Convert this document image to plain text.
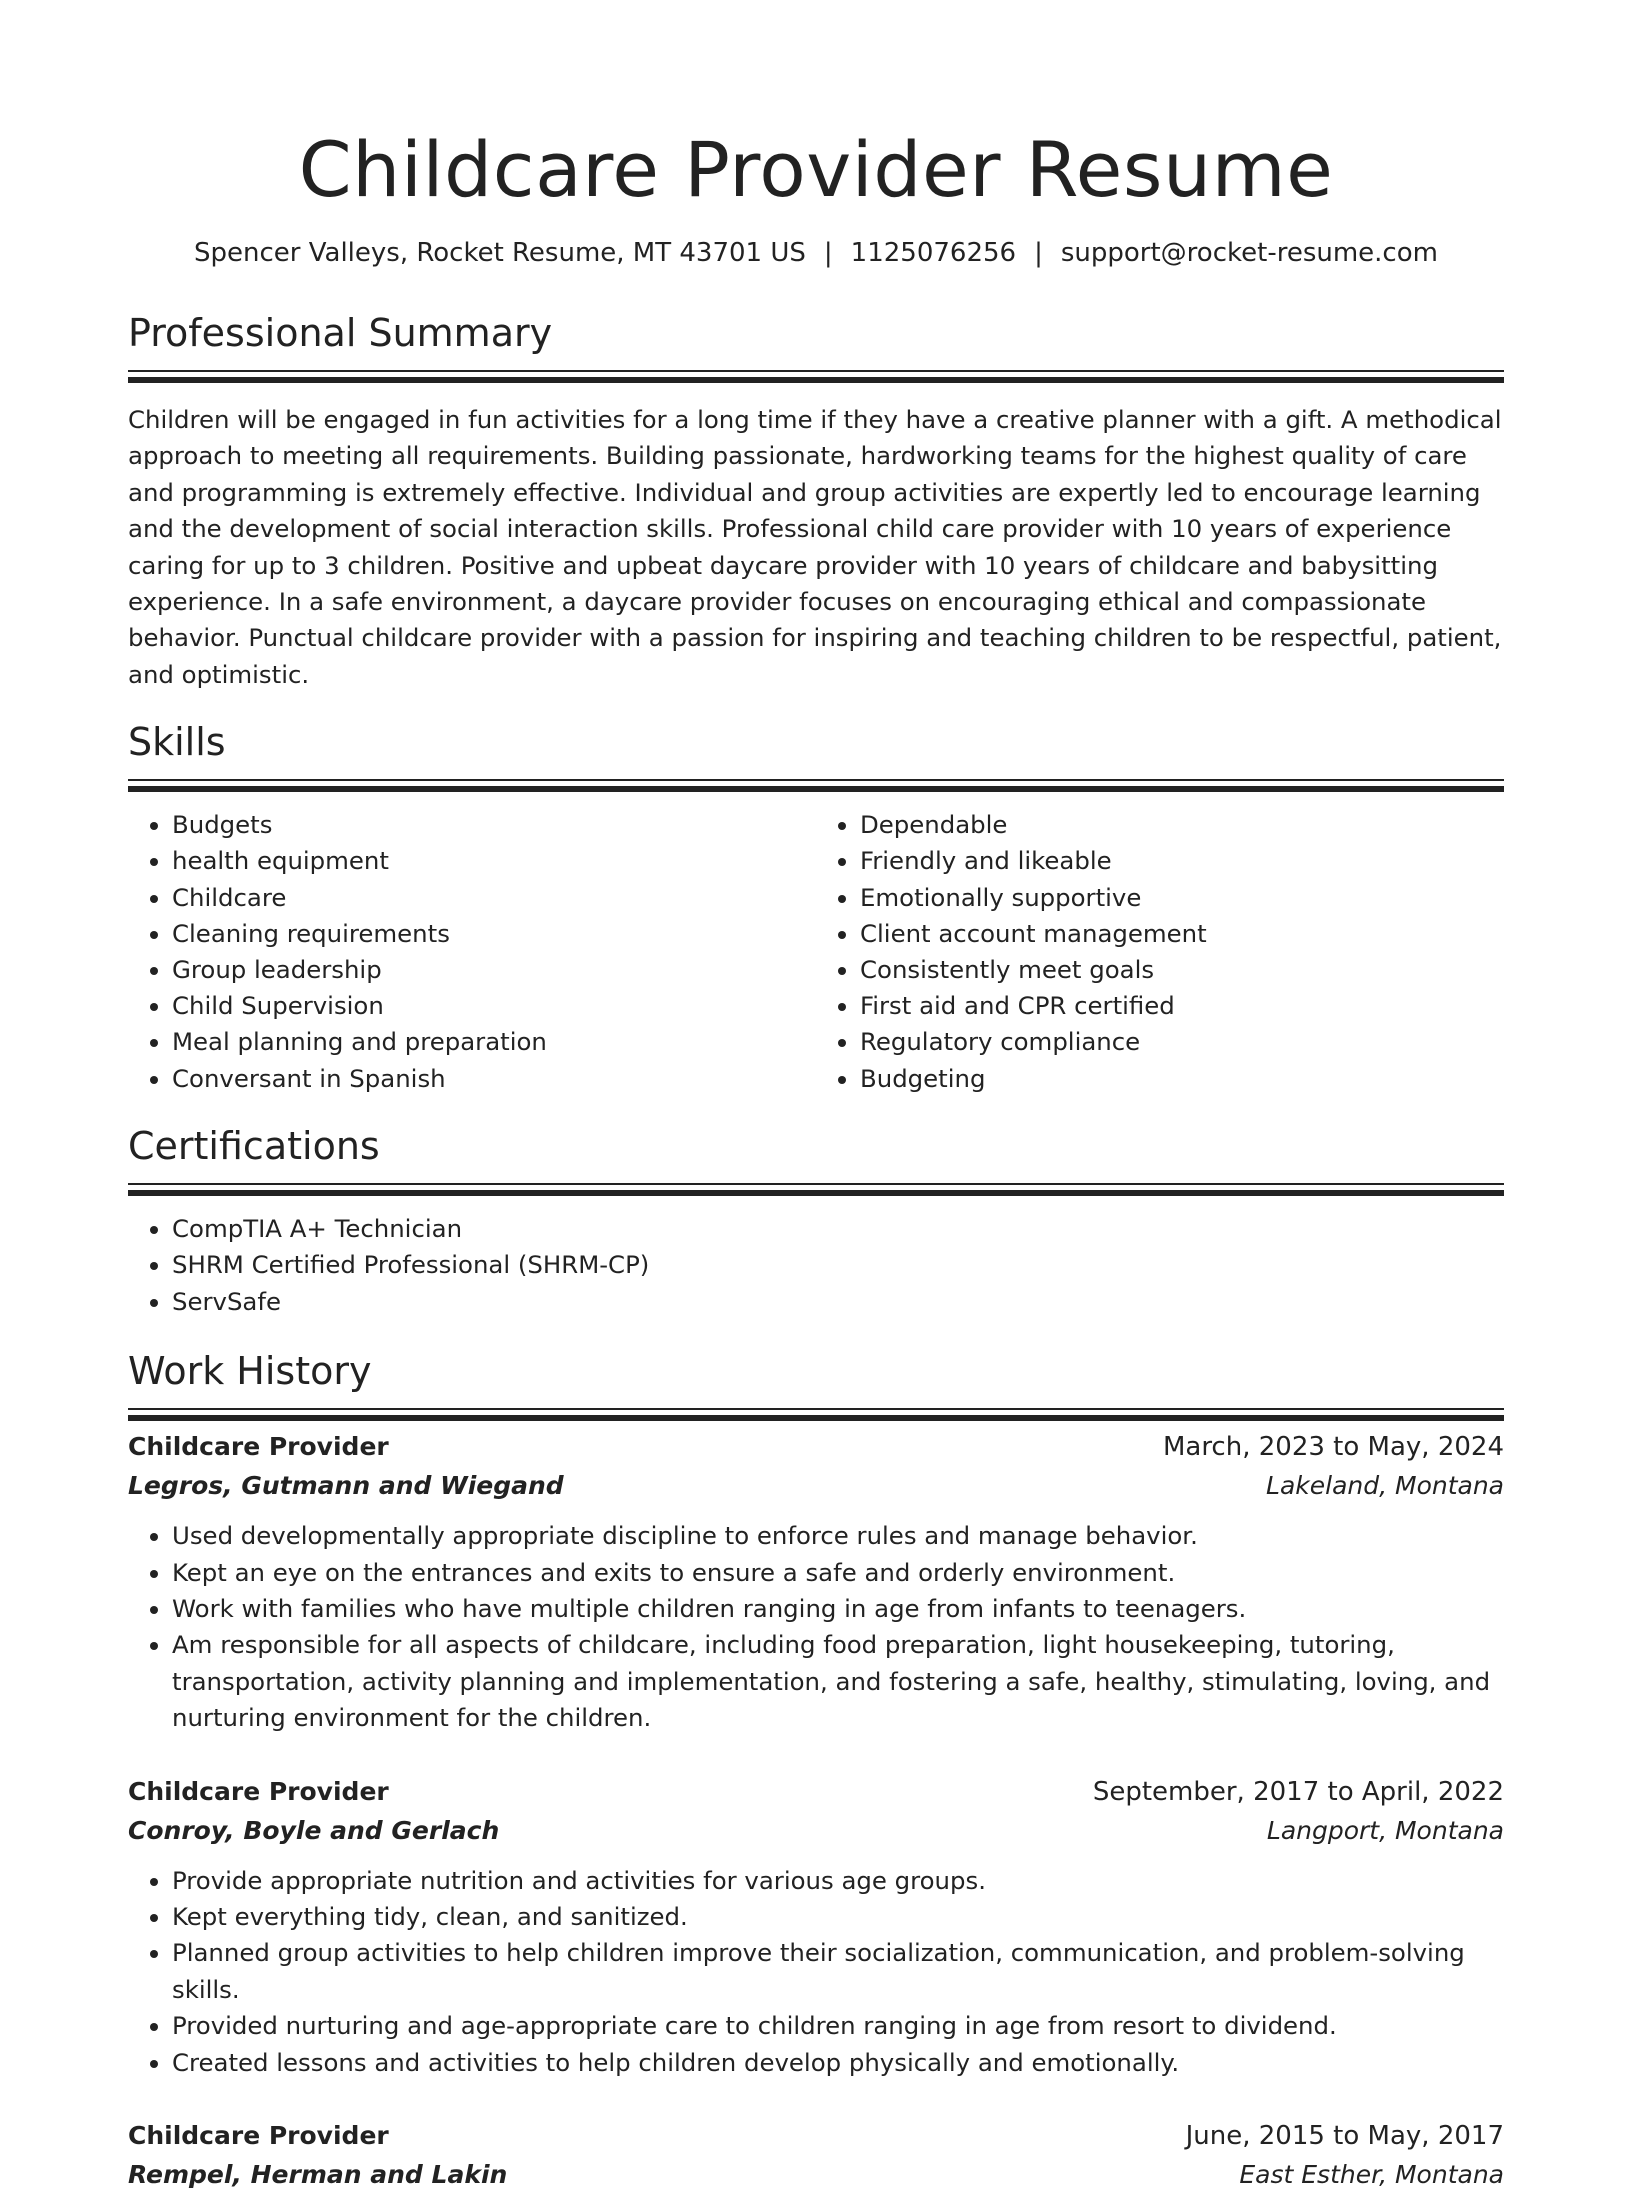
Childcare Provider Resume
Spencer Valleys, Rocket Resume, MT 43701 US | 1125076256 | support@rocket-resume.com
Professional Summary

Children will be engaged in fun activities for a long time if they have a creative planner with a gift. A methodical approach to meeting all requirements. Building passionate, hardworking teams for the highest quality of care and programming is extremely effective. Individual and group activities are expertly led to encourage learning and the development of social interaction skills. Professional child care provider with 10 years of experience caring for up to 3 children. Positive and upbeat daycare provider with 10 years of childcare and babysitting experience. In a safe environment, a daycare provider focuses on encouraging ethical and compassionate behavior. Punctual childcare provider with a passion for inspiring and teaching children to be respectful, patient, and optimistic.

Skills
• Budgets
• health equipment
• Childcare
• Cleaning requirements
• Group leadership
• Child Supervision
• Meal planning and preparation
• Conversant in Spanish
• Dependable
• Friendly and likeable
• Emotionally supportive
• Client account management
• Consistently meet goals
• First aid and CPR certified
• Regulatory compliance
• Budgeting
Certifications
• CompTIA A+ Technician
• SHRM Certified Professional (SHRM-CP)
• ServSafe
Work History
Childcare Provider	March, 2023 to May, 2024
Legros, Gutmann and Wiegand	Lakeland, Montana
• Used developmentally appropriate discipline to enforce rules and manage behavior.
• Kept an eye on the entrances and exits to ensure a safe and orderly environment.
• Work with families who have multiple children ranging in age from infants to teenagers.
• Am responsible for all aspects of childcare, including food preparation, light housekeeping, tutoring, transportation, activity planning and implementation, and fostering a safe, healthy, stimulating, loving, and nurturing environment for the children.
Childcare Provider	September, 2017 to April, 2022
Conroy, Boyle and Gerlach	Langport, Montana
• Provide appropriate nutrition and activities for various age groups.
• Kept everything tidy, clean, and sanitized.
• Planned group activities to help children improve their socialization, communication, and problem-solving skills.
• Provided nurturing and age-appropriate care to children ranging in age from resort to dividend.
• Created lessons and activities to help children develop physically and emotionally.
Childcare Provider	June, 2015 to May, 2017
Rempel, Herman and Lakin	East Esther, Montana
